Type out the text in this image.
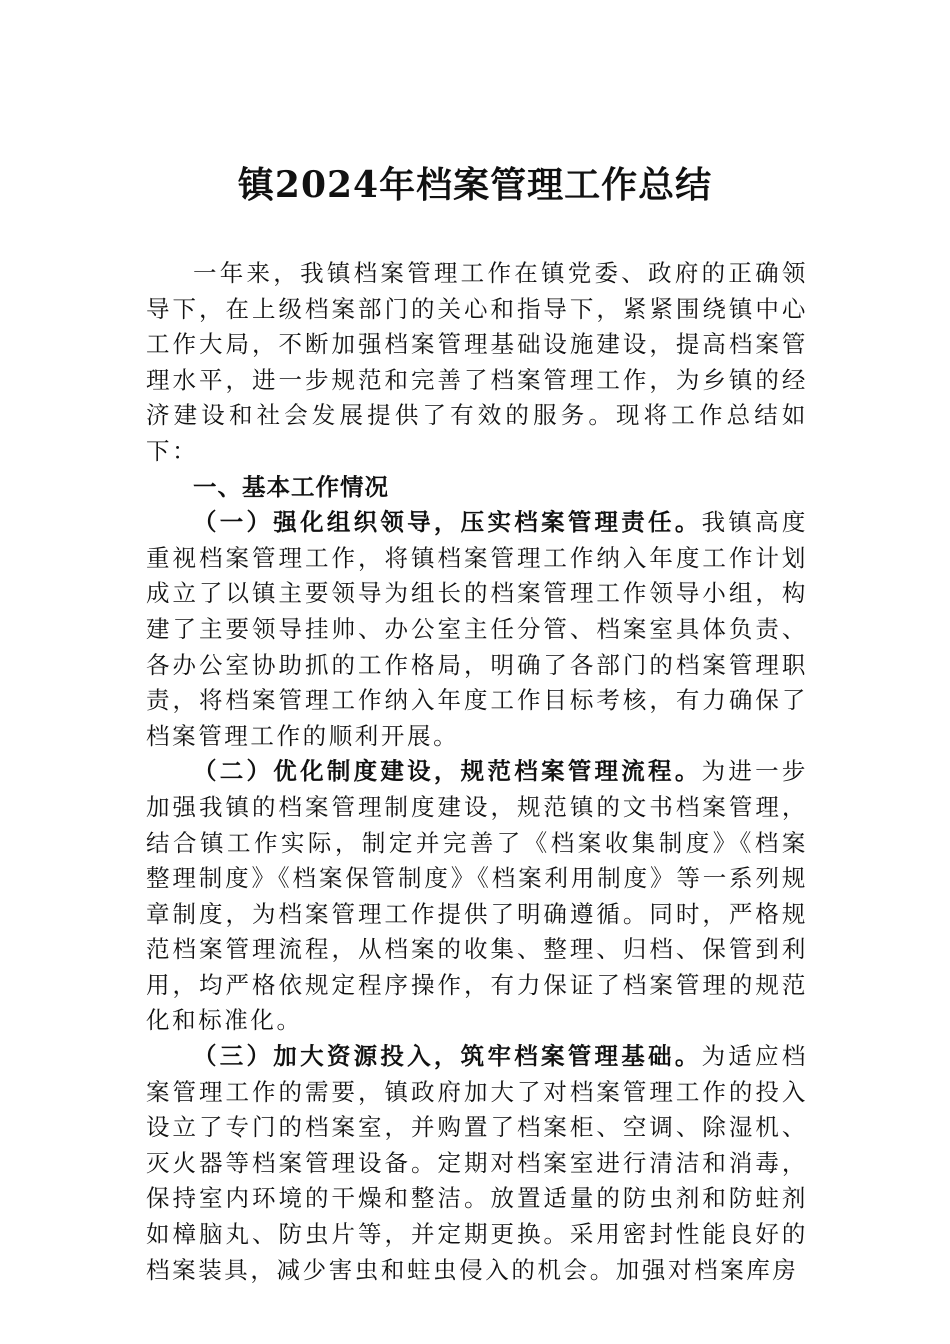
镇2024年档案管理工作总结

一年来，我镇档案管理工作在镇党委、政府的正确领导下，在上级档案部门的关心和指导下，紧紧围绕镇中心工作大局，不断加强档案管理基础设施建设，提高档案管理水平，进一步规范和完善了档案管理工作，为乡镇的经济建设和社会发展提供了有效的服务。现将工作总结如下：

一、基本工作情况

（一）强化组织领导，压实档案管理责任。我镇高度重视档案管理工作，将镇档案管理工作纳入年度工作计划成立了以镇主要领导为组长的档案管理工作领导小组，构建了主要领导挂帅、办公室主任分管、档案室具体负责、各办公室协助抓的工作格局，明确了各部门的档案管理职责，将档案管理工作纳入年度工作目标考核，有力确保了档案管理工作的顺利开展。

（二）优化制度建设，规范档案管理流程。为进一步加强我镇的档案管理制度建设，规范镇的文书档案管理，结合镇工作实际，制定并完善了《档案收集制度》《档案整理制度》《档案保管制度》《档案利用制度》等一系列规章制度，为档案管理工作提供了明确遵循。同时，严格规范档案管理流程，从档案的收集、整理、归档、保管到利用，均严格依规定程序操作，有力保证了档案管理的规范化和标准化。

（三）加大资源投入，筑牢档案管理基础。为适应档案管理工作的需要，镇政府加大了对档案管理工作的投入设立了专门的档案室，并购置了档案柜、空调、除湿机、灭火器等档案管理设备。定期对档案室进行清洁和消毒，保持室内环境的干燥和整洁。放置适量的防虫剂和防蛀剂如樟脑丸、防虫片等，并定期更换。采用密封性能良好的档案装具，减少害虫和蛀虫侵入的机会。加强对档案库房
